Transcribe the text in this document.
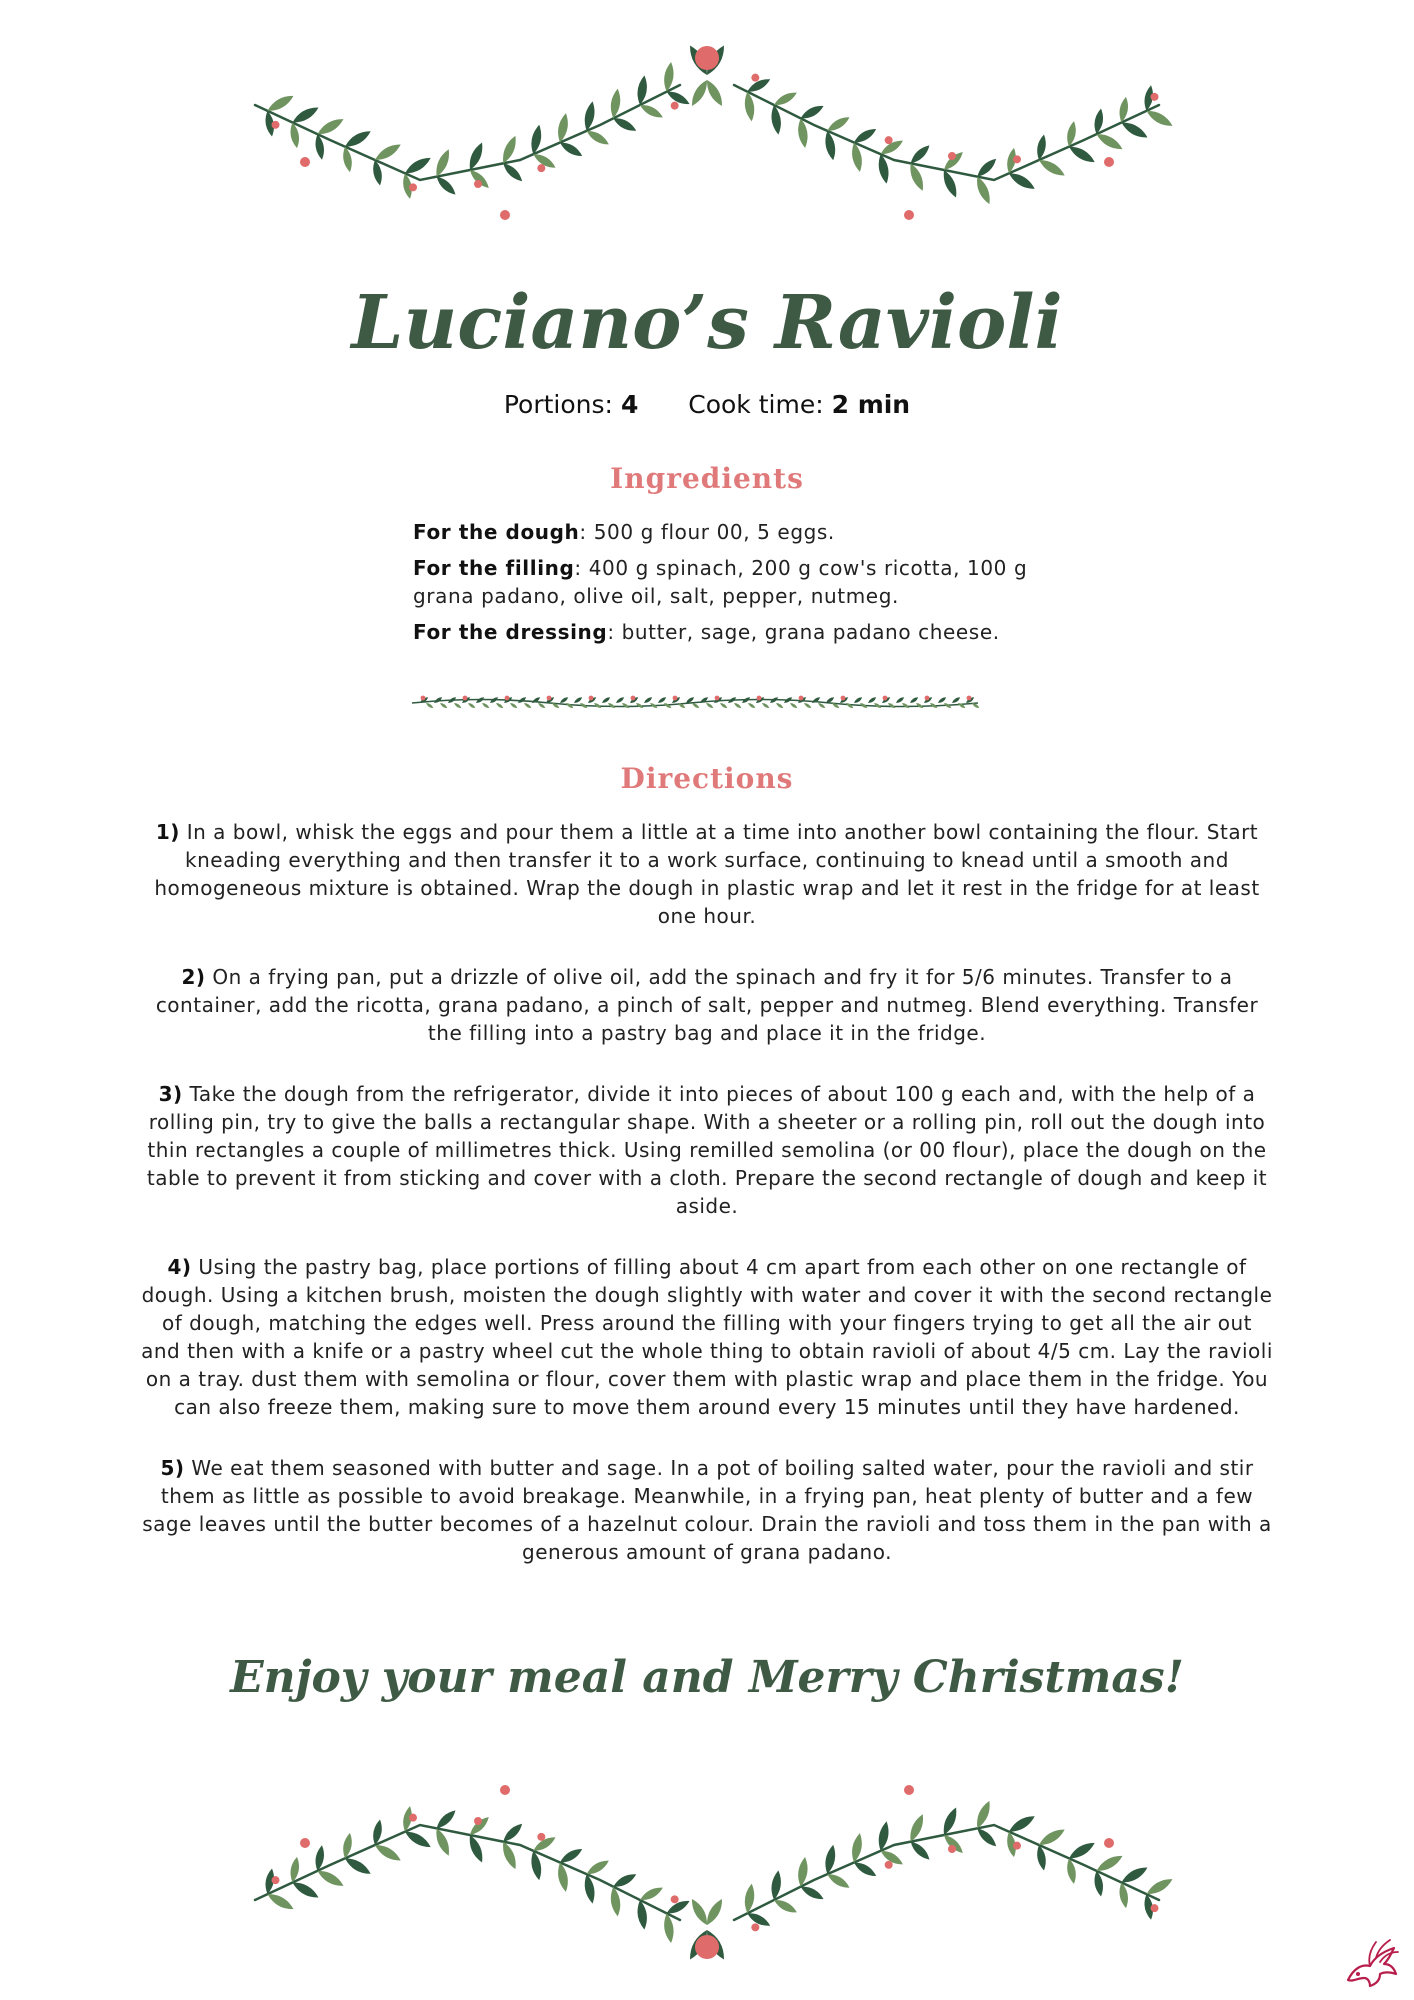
Luciano’s Ravioli
Portions: 4 Cook time: 2 min
Ingredients

For the dough: 500 g flour 00, 5 eggs.

For the filling: 400 g spinach, 200 g cow's ricotta, 100 g grana padano, olive oil, salt, pepper, nutmeg.

For the dressing: butter, sage, grana padano cheese.

Directions

1) In a bowl, whisk the eggs and pour them a little at a time into another bowl containing the flour. Start kneading everything and then transfer it to a work surface, continuing to knead until a smooth and homogeneous mixture is obtained. Wrap the dough in plastic wrap and let it rest in the fridge for at least one hour.

2) On a frying pan, put a drizzle of olive oil, add the spinach and fry it for 5/6 minutes. Transfer to a container, add the ricotta, grana padano, a pinch of salt, pepper and nutmeg. Blend everything. Transfer the filling into a pastry bag and place it in the fridge.

3) Take the dough from the refrigerator, divide it into pieces of about 100 g each and, with the help of a rolling pin, try to give the balls a rectangular shape. With a sheeter or a rolling pin, roll out the dough into thin rectangles a couple of millimetres thick. Using remilled semolina (or 00 flour), place the dough on the table to prevent it from sticking and cover with a cloth. Prepare the second rectangle of dough and keep it aside.

4) Using the pastry bag, place portions of filling about 4 cm apart from each other on one rectangle of dough. Using a kitchen brush, moisten the dough slightly with water and cover it with the second rectangle of dough, matching the edges well. Press around the filling with your fingers trying to get all the air out and then with a knife or a pastry wheel cut the whole thing to obtain ravioli of about 4/5 cm. Lay the ravioli on a tray. dust them with semolina or flour, cover them with plastic wrap and place them in the fridge. You can also freeze them, making sure to move them around every 15 minutes until they have hardened.

5) We eat them seasoned with butter and sage. In a pot of boiling salted water, pour the ravioli and stir them as little as possible to avoid breakage. Meanwhile, in a frying pan, heat plenty of butter and a few sage leaves until the butter becomes of a hazelnut colour. Drain the ravioli and toss them in the pan with a generous amount of grana padano.

Enjoy your meal and Merry Christmas!
